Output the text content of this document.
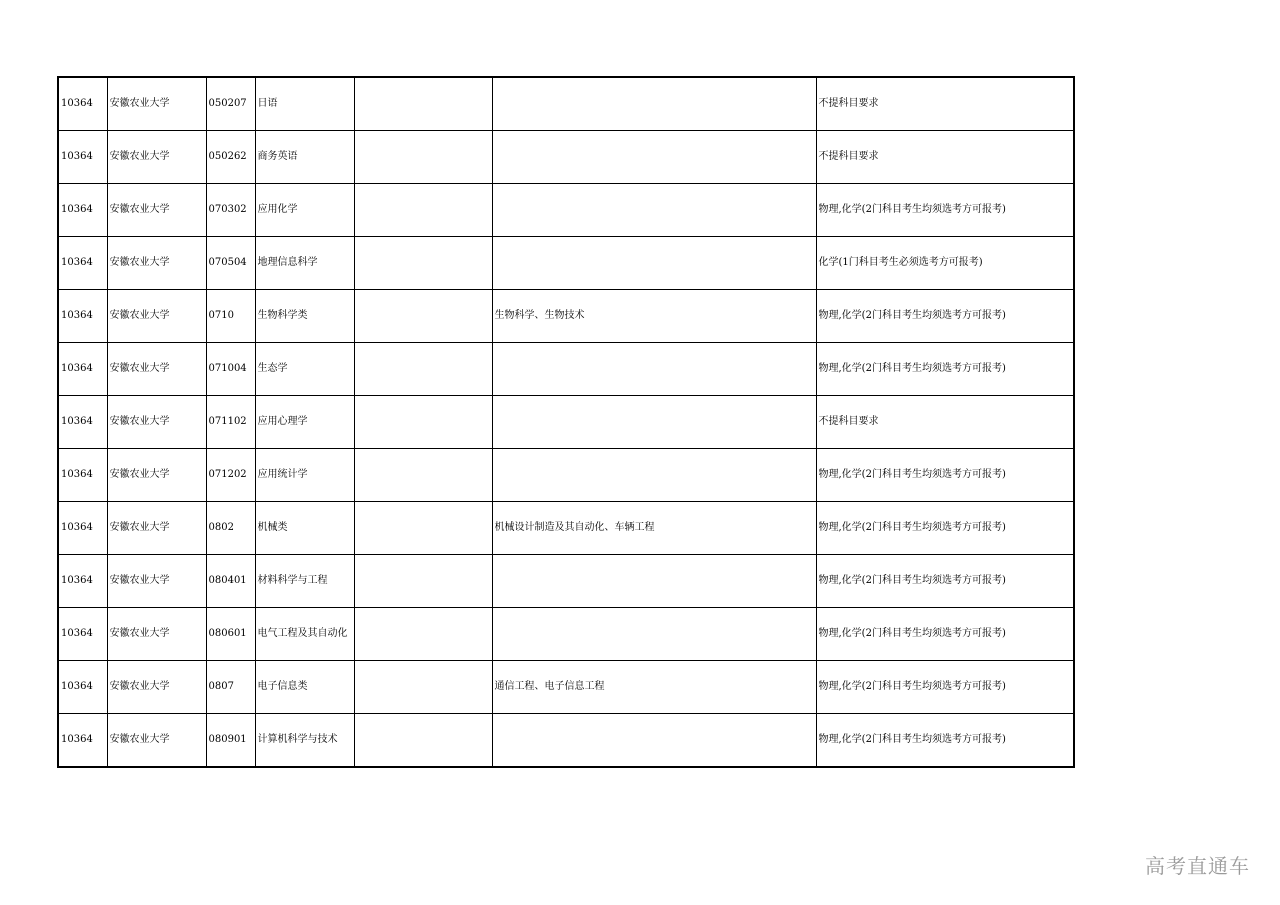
10364	安徽农业大学	050207	日语			不提科目要求
10364	安徽农业大学	050262	商务英语			不提科目要求
10364	安徽农业大学	070302	应用化学			物理,化学(2门科目考生均须选考方可报考)
10364	安徽农业大学	070504	地理信息科学			化学(1门科目考生必须选考方可报考)
10364	安徽农业大学	0710	生物科学类		生物科学、生物技术	物理,化学(2门科目考生均须选考方可报考)
10364	安徽农业大学	071004	生态学			物理,化学(2门科目考生均须选考方可报考)
10364	安徽农业大学	071102	应用心理学			不提科目要求
10364	安徽农业大学	071202	应用统计学			物理,化学(2门科目考生均须选考方可报考)
10364	安徽农业大学	0802	机械类		机械设计制造及其自动化、车辆工程	物理,化学(2门科目考生均须选考方可报考)
10364	安徽农业大学	080401	材料科学与工程			物理,化学(2门科目考生均须选考方可报考)
10364	安徽农业大学	080601	电气工程及其自动化			物理,化学(2门科目考生均须选考方可报考)
10364	安徽农业大学	0807	电子信息类		通信工程、电子信息工程	物理,化学(2门科目考生均须选考方可报考)
10364	安徽农业大学	080901	计算机科学与技术			物理,化学(2门科目考生均须选考方可报考)
高考直通车
